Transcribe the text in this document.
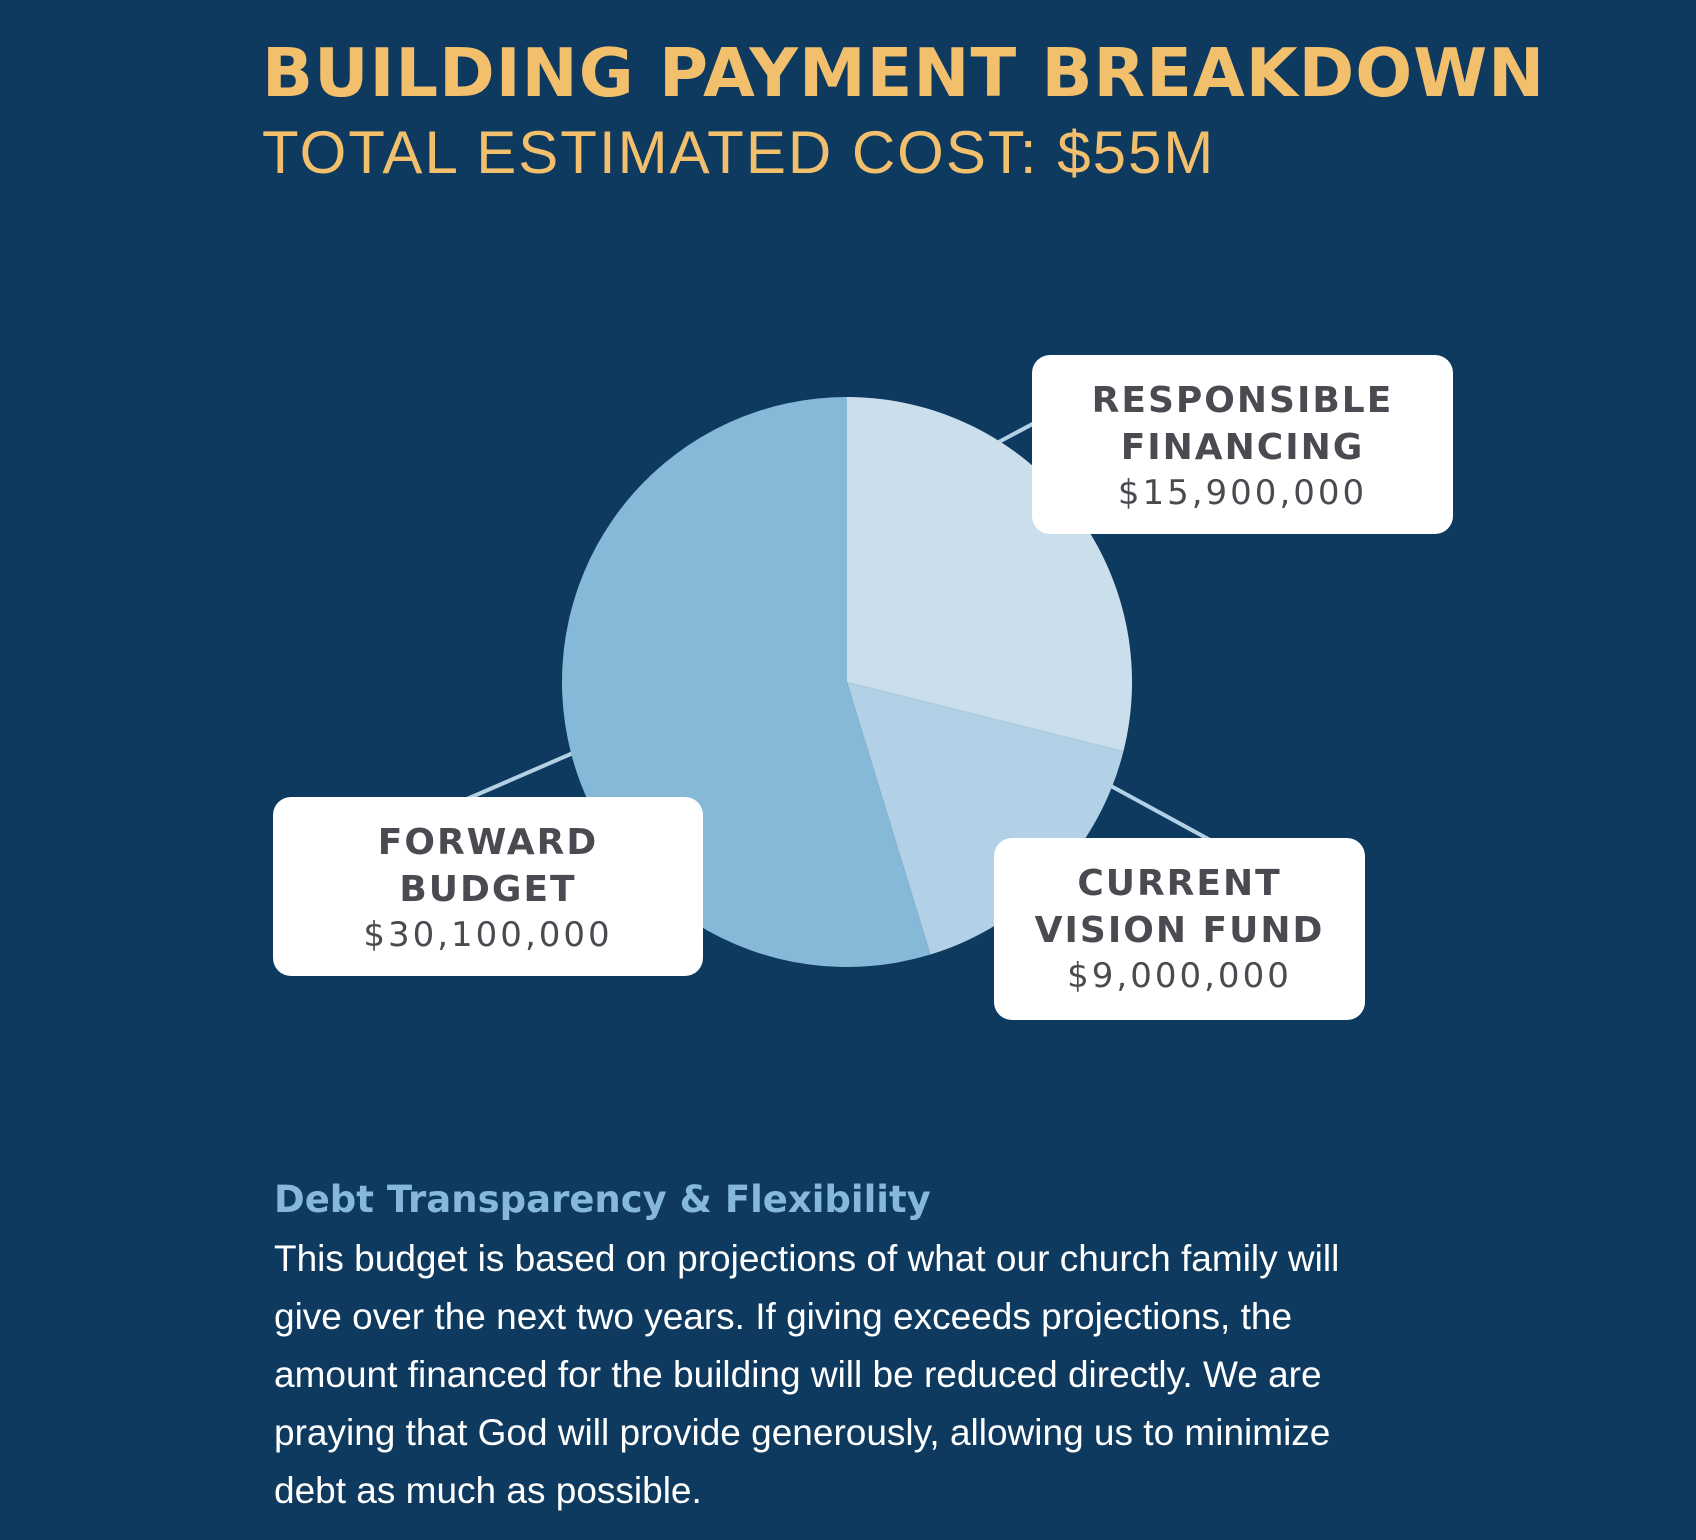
BUILDING PAYMENT BREAKDOWN
TOTAL ESTIMATED COST: $55M
RESPONSIBLE
FINANCING
$15,900,000
FORWARD
BUDGET
$30,100,000
CURRENT
VISION FUND
$9,000,000
Debt Transparency & Flexibility
This budget is based on projections of what our church family will
give over the next two years. If giving exceeds projections, the
amount financed for the building will be reduced directly. We are
praying that God will provide generously, allowing us to minimize
debt as much as possible.
